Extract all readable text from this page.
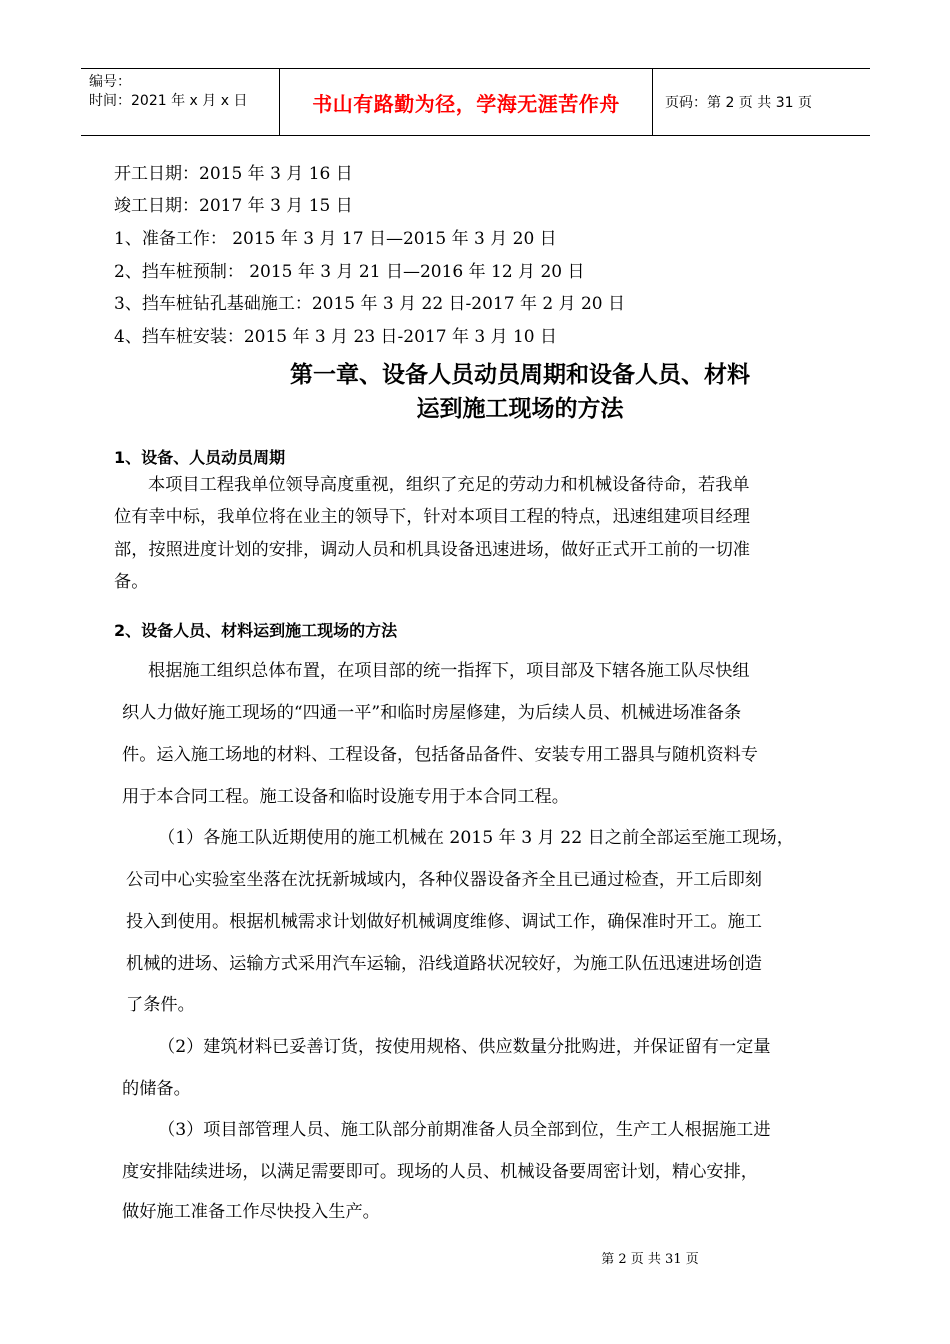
编号：
时间：2021 年 x 月 x 日	书山有路勤为径，学海无涯苦作舟	页码：第 2 页 共 31 页
开工日期：2015 年 3 月 16 日
竣工日期：2017 年 3 月 15 日
1、准备工作： 2015 年 3 月 17 日—2015 年 3 月 20 日
2、挡车桩预制： 2015 年 3 月 21 日—2016 年 12 月 20 日
3、挡车桩钻孔基础施工：2015 年 3 月 22 日-2017 年 2 月 20 日
4、挡车桩安装：2015 年 3 月 23 日-2017 年 3 月 10 日
第一章、设备人员动员周期和设备人员、材料
运到施工现场的方法
1、设备、人员动员周期
本项目工程我单位领导高度重视，组织了充足的劳动力和机械设备待命，若我单
位有幸中标，我单位将在业主的领导下，针对本项目工程的特点，迅速组建项目经理
部，按照进度计划的安排，调动人员和机具设备迅速进场，做好正式开工前的一切准
备。
2、设备人员、材料运到施工现场的方法
根据施工组织总体布置，在项目部的统一指挥下，项目部及下辖各施工队尽快组
织人力做好施工现场的“四通一平”和临时房屋修建，为后续人员、机械进场准备条
件。运入施工场地的材料、工程设备，包括备品备件、安装专用工器具与随机资料专
用于本合同工程。施工设备和临时设施专用于本合同工程。
（1）各施工队近期使用的施工机械在 2015 年 3 月 22 日之前全部运至施工现场，
公司中心实验室坐落在沈抚新城域内，各种仪器设备齐全且已通过检查，开工后即刻
投入到使用。根据机械需求计划做好机械调度维修、调试工作，确保准时开工。施工
机械的进场、运输方式采用汽车运输，沿线道路状况较好，为施工队伍迅速进场创造
了条件。
（2）建筑材料已妥善订货，按使用规格、供应数量分批购进，并保证留有一定量
的储备。
（3）项目部管理人员、施工队部分前期准备人员全部到位，生产工人根据施工进
度安排陆续进场，以满足需要即可。现场的人员、机械设备要周密计划，精心安排，
做好施工准备工作尽快投入生产。
第 2 页 共 31 页
